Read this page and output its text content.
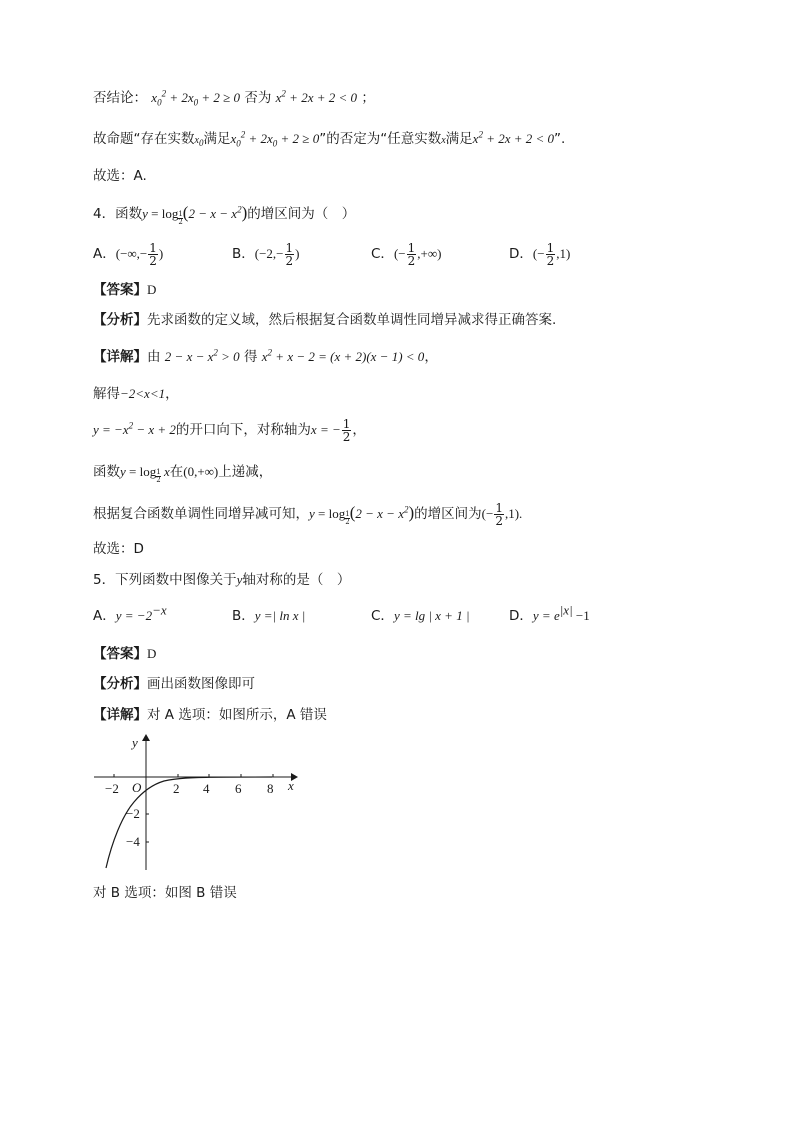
否结论： $x_0^2 + 2x_0 + 2 \ge 0$ 否为 $x^2 + 2x + 2 < 0$ ；
故命题“存在实数$x_0$满足$x_0^2 + 2x_0 + 2 \ge 0$”的否定为“任意实数x满足$x^2 + 2x + 2 < 0$”.
故选：A.
4．函数$y = \log \frac{1}{2} (2 - x - x^2)$的增区间为（　）
A．(−∞,− $\frac{1}{2}$ )	B．($-2,- \frac{1}{2}$ )	C．(− $\frac{1}{2}$ ,+∞)	D．(− $\frac{1}{2} ,1$)
【答案】D
【分析】先求函数的定义域，然后根据复合函数单调性同增异减求得正确答案.
【详解】由 $2 - x - x^2 > 0$ 得 $x^2 + x - 2 = (x + 2)(x - 1) < 0$，
解得−2<x<1，
$y = -x^2 - x + 2$的开口向下，对称轴为x = − $\frac{1}{2}$ ，
函数$y = \log \frac{1}{2}$ x在(0,+∞)上递减，
根据复合函数单调性同增异减可知，$y = \log \frac{1}{2} (2 - x - x^2)$的增区间为(− $\frac{1}{2} ,1$).
故选：D
5．下列函数中图像关于y轴对称的是（　）
A．$y = -2^{-x}$	B．y =| ln x |	C．y = lg | x + 1 |	D．$y = e^{|x|} -1$
【答案】D
【分析】画出函数图像即可
【详解】对 A 选项：如图所示，A 错误
−2	2 4 6 8
O	x
y
−2
−4
对 B 选项：如图 B 错误
